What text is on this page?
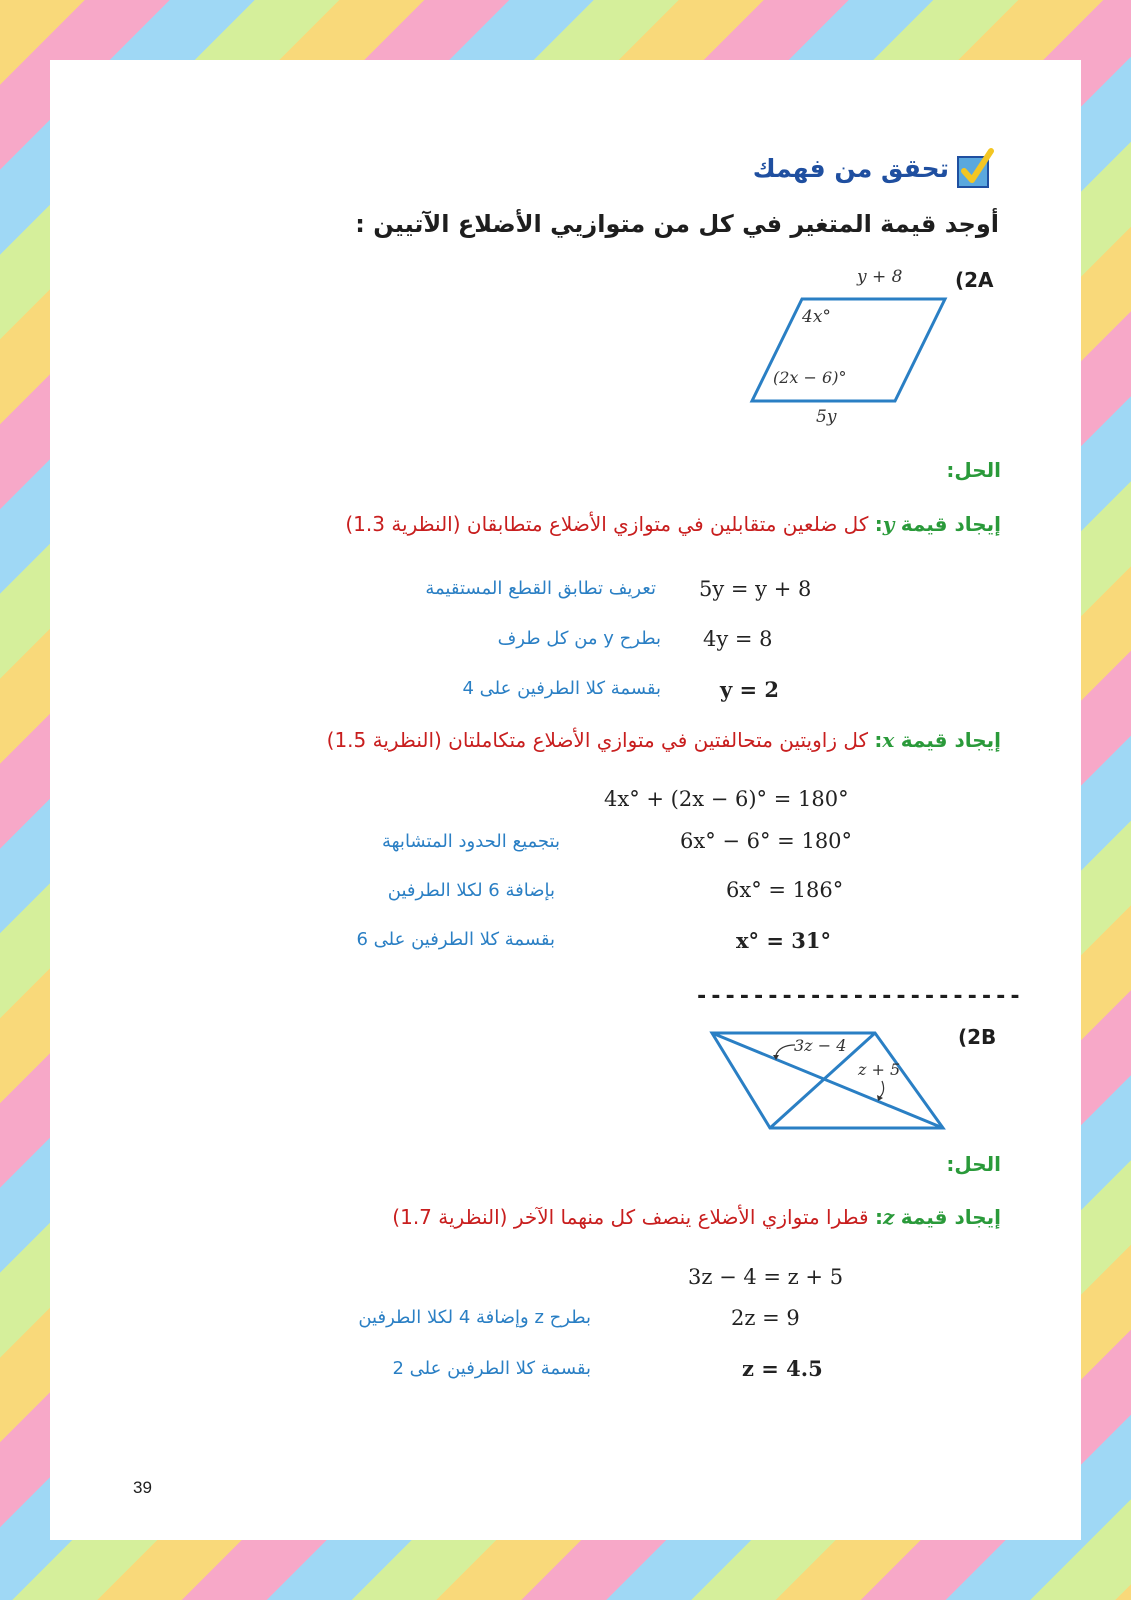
تحقق من فهمك
أوجد قيمة المتغير في كل من متوازيي الأضلاع الآتيين :
(2A
y + 8
4x°
(2x − 6)°
5y
الحل:
إيجاد قيمة y: كل ضلعين متقابلين في متوازي الأضلاع متطابقان (النظرية 1.3)
5y = y + 8
تعريف تطابق القطع المستقيمة
4y = 8
بطرح y من كل طرف
y = 2
بقسمة كلا الطرفين على 4
إيجاد قيمة x: كل زاويتين متحالفتين في متوازي الأضلاع متكاملتان (النظرية 1.5)
4x° + (2x − 6)° = 180°
6x° − 6° = 180°
بتجميع الحدود المتشابهة
6x° = 186°
بإضافة 6 لكلا الطرفين
x° = 31°
بقسمة كلا الطرفين على 6
-----------------------
(2B
3z − 4
z + 5
الحل:
إيجاد قيمة z: قطرا متوازي الأضلاع ينصف كل منهما الآخر (النظرية 1.7)
3z − 4 = z + 5
2z = 9
بطرح z وإضافة 4 لكلا الطرفين
z = 4.5
بقسمة كلا الطرفين على 2
39
